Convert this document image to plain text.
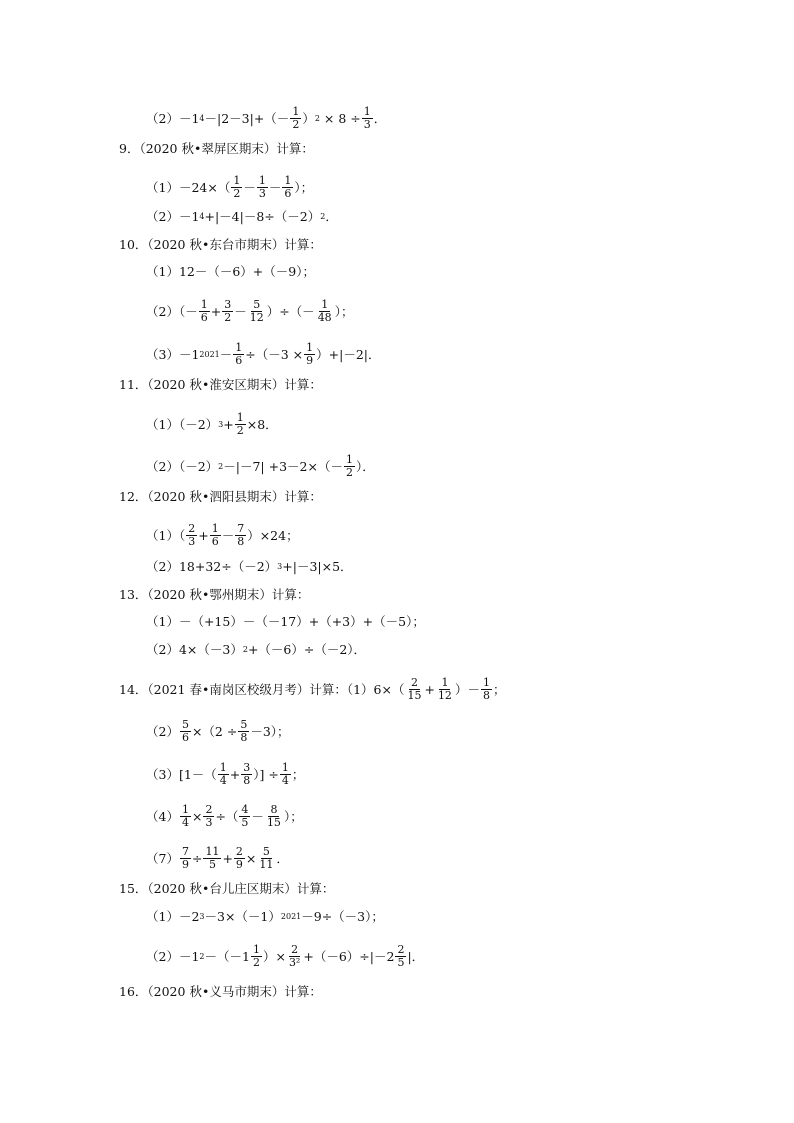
（2）－1 $4 -|2-3|+(- \frac{1}{2}$ ） $2 \times 8 \div \frac{1}{3}$ ．
9．（2020 秋•翠屏区期末）计算：
$(1)-24\times( \frac{1}{2} - \frac{1}{3} - \frac{1}{6}$ ）；
（2）－1 4 +|－4|－8÷（－2） 2 ．
10．（2020 秋•东台市期末）计算：
（1）12－（－6）+（－9）；
$(2)(- \frac{1}{6} + \frac{3}{2} - \frac{5}{12}$ ）÷（－ $\frac{1}{48}$ ）；
（3）－1 $2021 - \frac{1}{6} \div(-3 \times \frac{1}{9} )+|-2|$．
11．（2020 秋•淮安区期末）计算：
（1）（－2） $3 + \frac{1}{2} \times 8$．
（2）（－2） $2 -|-7| +3-2\times(- \frac{1}{2}$ ）．
12．（2020 秋•泗阳县期末）计算：
$(1)( \frac{2}{3} + \frac{1}{6} - \frac{7}{8} )\times 24$；
（2）18+32÷（－2） 3 +|－3|×5．
13．（2020 秋•鄂州期末）计算：
（1）－（+15）－（－17）+（+3）+（－5）；
（2）4×（－3） 2 +（－6）÷（－2）．
14．（2021 春•南岗区校级月考）计算：$(1)6\times( \frac{2}{15} + \frac{1}{12}$ ）－ $\frac{1}{8}$ ；
$(2) \frac{5}{6} \times(2 \div \frac{5}{8} -3)$；
$(3)[1-( \frac{1}{4} + \frac{3}{8}$ ）] ÷ $\frac{1}{4}$ ；
$(4) \frac{1}{4} \times \frac{2}{3}$ ÷（ $\frac{4}{5} - \frac{8}{15}$ ）；
$(7) \frac{7}{9} \div \frac{11}{5} + \frac{2}{9} \times \frac{5}{11}$ ．
15．（2020 秋•台儿庄区期末）计算：
（1）－2 3 －3×（－1） 2021 －9÷（－3）；
（2）－1 $2 -(-1 \frac{1}{2}$ ）× $\frac{2}{\text{3²}} +(-6)\div|-2 \frac{2}{5}$ |．
16．（2020 秋•义马市期末）计算：
